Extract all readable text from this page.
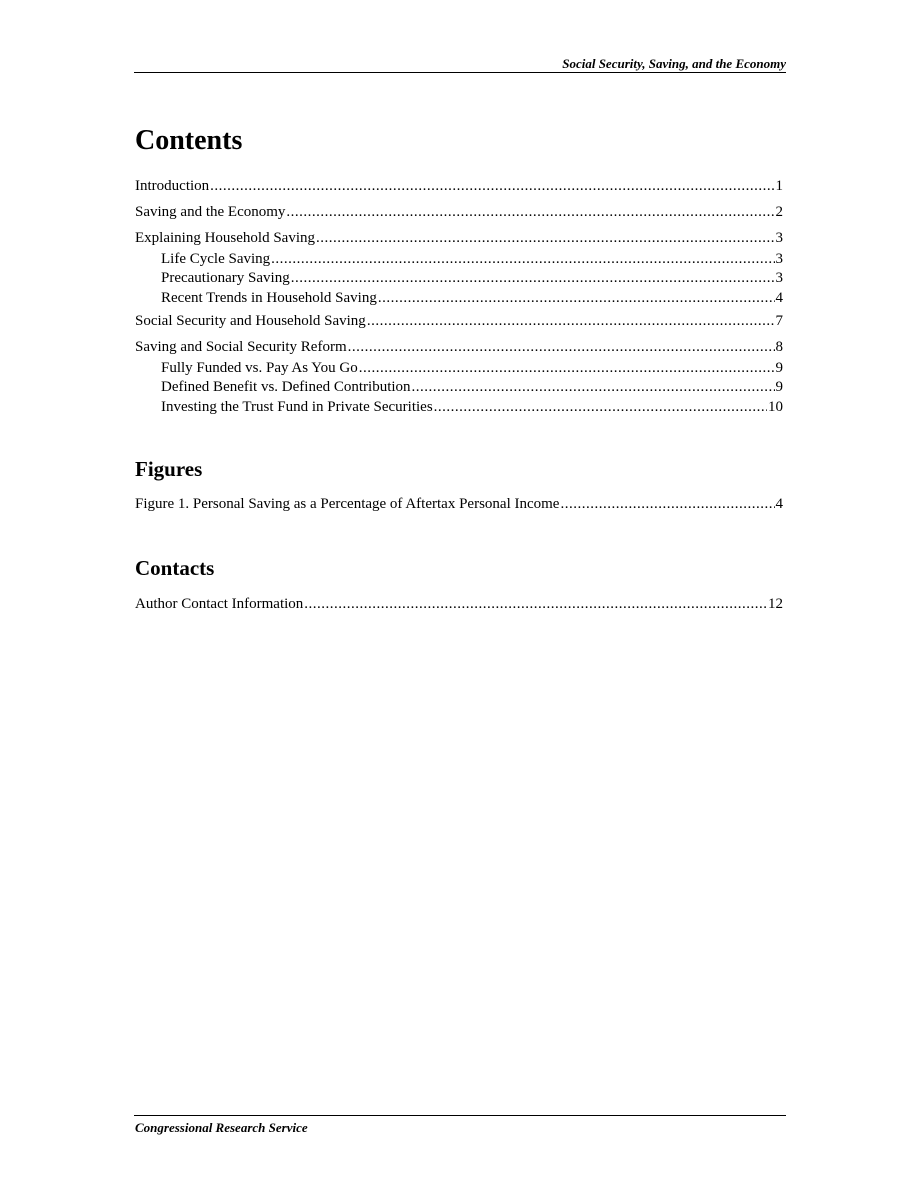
Social Security, Saving, and the Economy
Contents
Introduction .....	1
Saving and the Economy .....	2
Explaining Household Saving .....	3
Life Cycle Saving .....	3
Precautionary Saving .....	3
Recent Trends in Household Saving .....	4
Social Security and Household Saving .....	7
Saving and Social Security Reform .....	8
Fully Funded vs. Pay As You Go .....	9
Defined Benefit vs. Defined Contribution .....	9
Investing the Trust Fund in Private Securities .....	10
Figures
Figure 1. Personal Saving as a Percentage of Aftertax Personal Income .....	4
Contacts
Author Contact Information .....	12
Congressional Research Service
